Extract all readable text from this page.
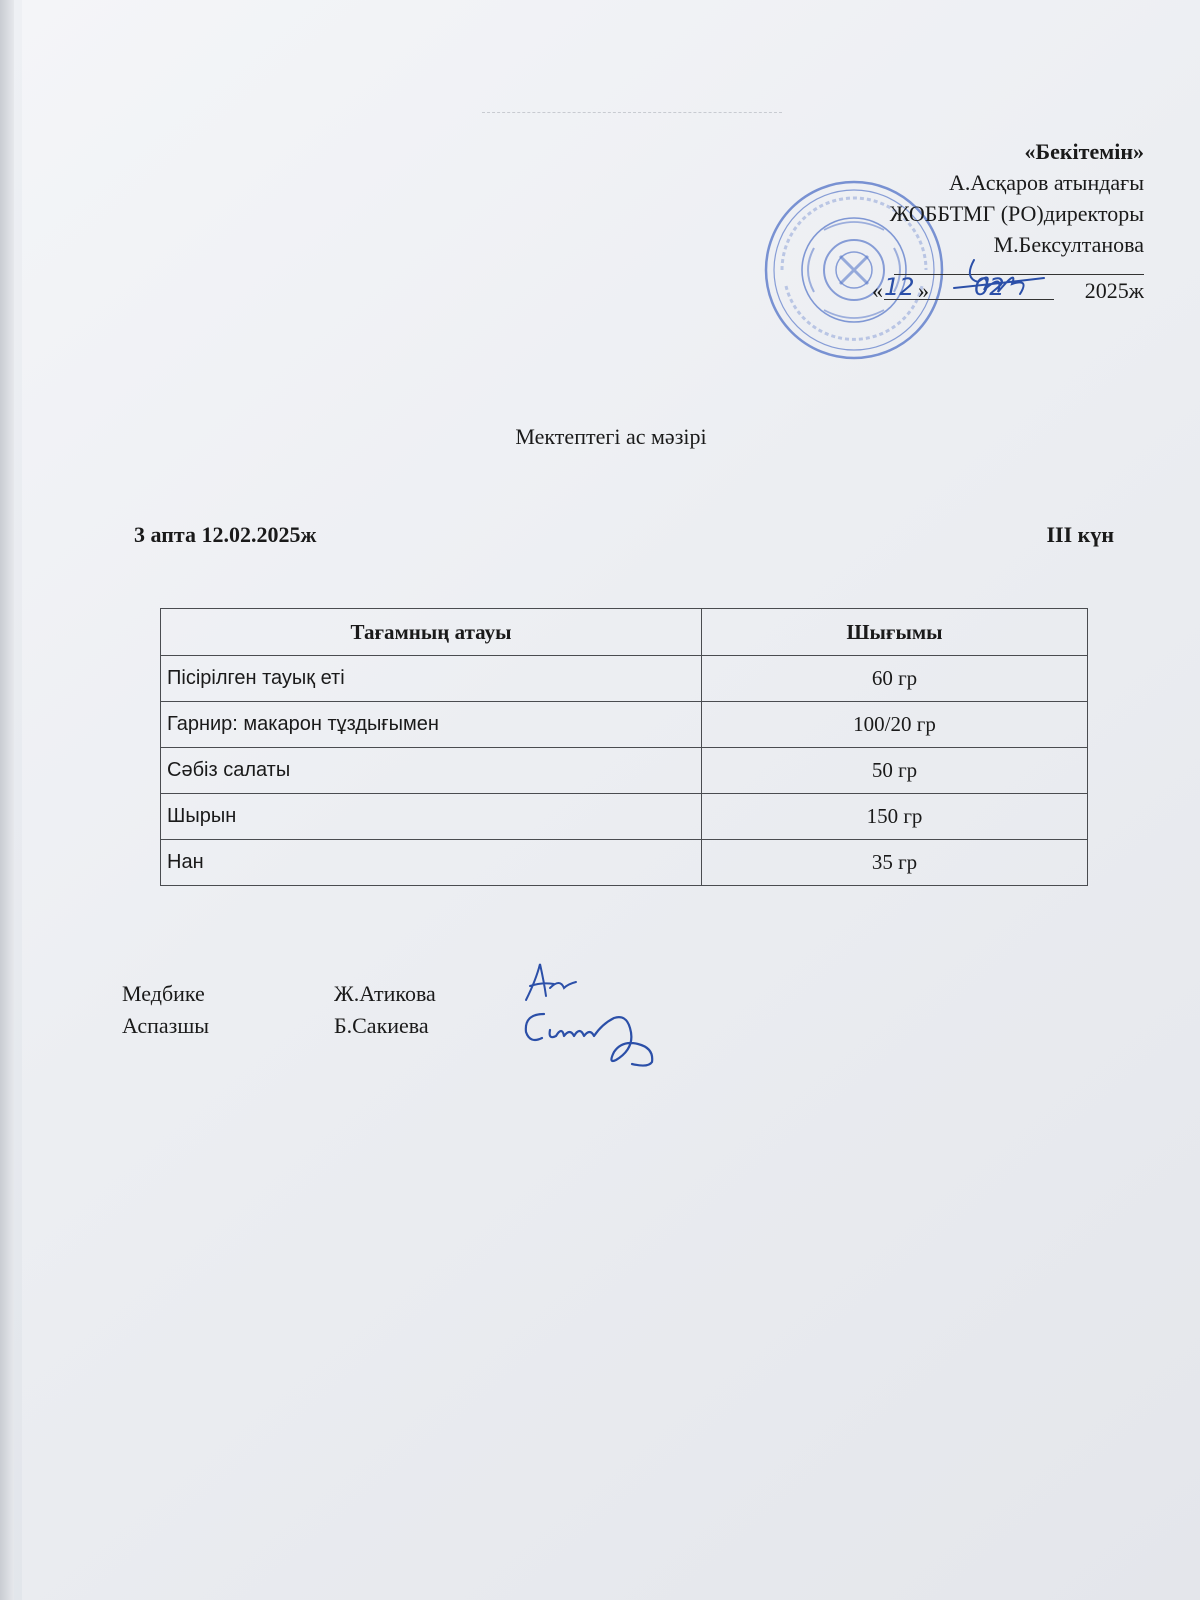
«Бекітемін»
А.Асқаров атындағы
ЖОББТМГ (РО)директоры
М.Бексултанова
« 12 » 02	2025ж
Мектептегі ас мәзірі
3 апта 12.02.2025ж	ІІІ күн
Тағамның атауы	Шығымы
Пісірілген тауық еті	60 гр
Гарнир: макарон тұздығымен	100/20 гр
Сәбіз салаты	50 гр
Шырын	150 гр
Нан	35 гр
Медбике	Ж.Атикова
Аспазшы	Б.Сакиева
